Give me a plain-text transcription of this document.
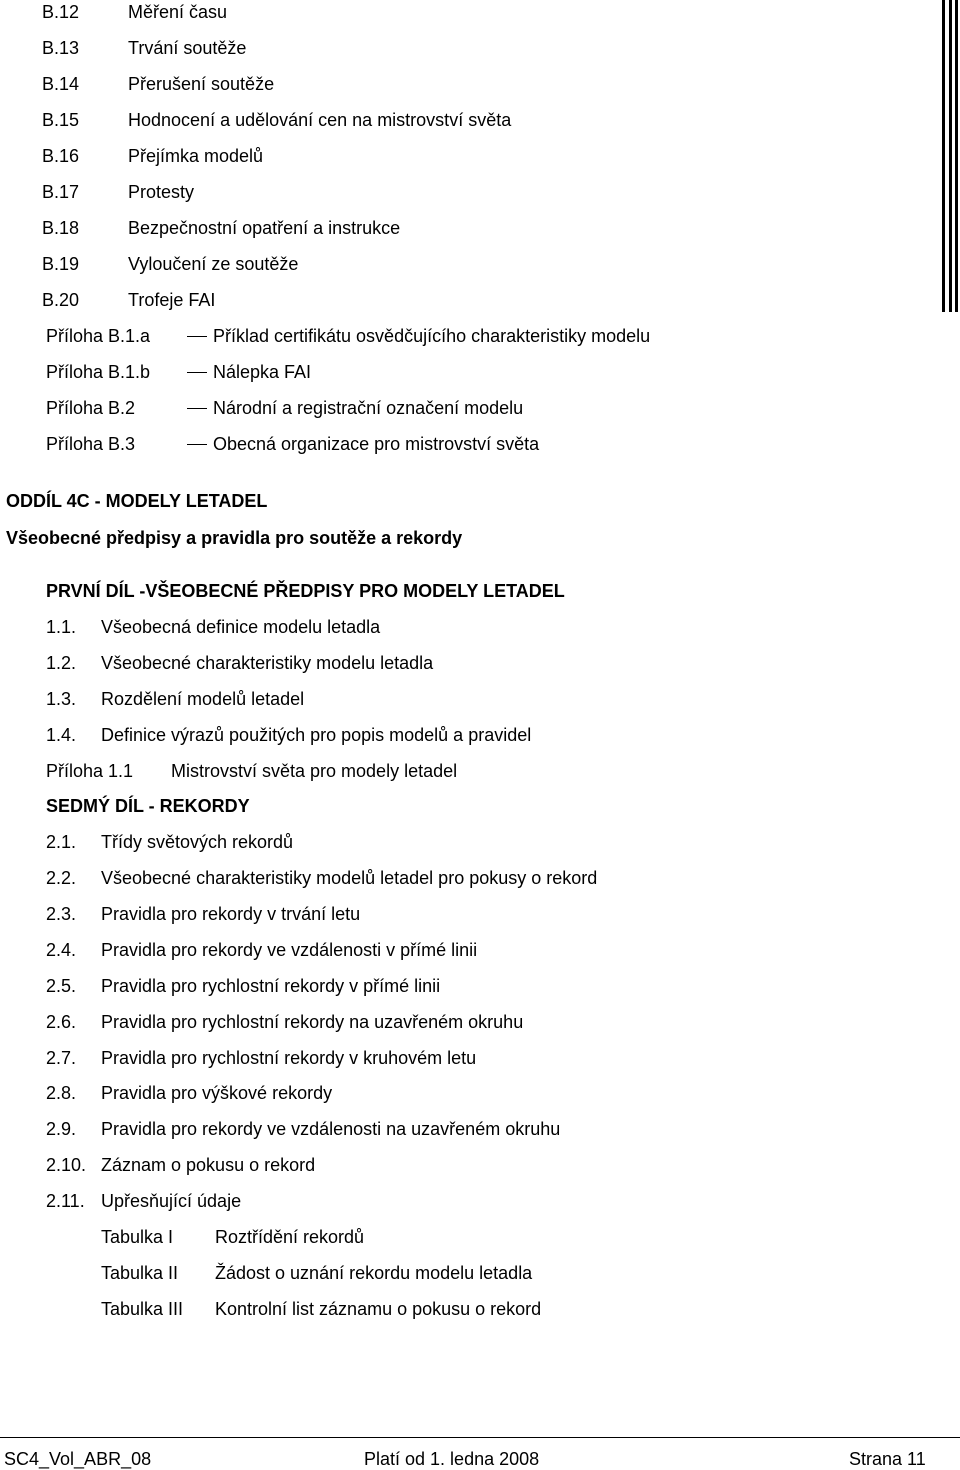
B.12	Měření času
B.13	Trvání soutěže
B.14	Přerušení soutěže
B.15	Hodnocení a udělování cen na mistrovství světa
B.16	Přejímka modelů
B.17	Protesty
B.18	Bezpečnostní opatření a instrukce
B.19	Vyloučení ze soutěže
B.20	Trofeje FAI
Příloha B.1.a	Příklad certifikátu osvědčujícího charakteristiky modelu
Příloha B.1.b	Nálepka FAI
Příloha B.2	Národní a registrační označení modelu
Příloha B.3	Obecná organizace pro mistrovství světa
ODDÍL 4C - MODELY LETADEL
Všeobecné předpisy a pravidla pro soutěže a rekordy
PRVNÍ DÍL -VŠEOBECNÉ PŘEDPISY PRO MODELY LETADEL
1.1. Všeobecná definice modelu letadla
1.2. Všeobecné charakteristiky modelu letadla
1.3. Rozdělení modelů letadel
1.4. Definice výrazů použitých pro popis modelů a pravidel
Příloha 1.1 Mistrovství světa pro modely letadel
SEDMÝ DÍL - REKORDY
2.1. Třídy světových rekordů
2.2. Všeobecné charakteristiky modelů letadel pro pokusy o rekord
2.3. Pravidla pro rekordy v trvání letu
2.4. Pravidla pro rekordy ve vzdálenosti v přímé linii
2.5. Pravidla pro rychlostní rekordy v přímé linii
2.6. Pravidla pro rychlostní rekordy na uzavřeném okruhu
2.7. Pravidla pro rychlostní rekordy v kruhovém letu
2.8. Pravidla pro výškové rekordy
2.9. Pravidla pro rekordy ve vzdálenosti na uzavřeném okruhu
2.10. Záznam o pokusu o rekord
2.11. Upřesňující údaje
Tabulka I Roztřídění rekordů
Tabulka II Žádost o uznání rekordu modelu letadla
Tabulka III Kontrolní list záznamu o pokusu o rekord
SC4_Vol_ABR_08	Platí od 1. ledna 2008	Strana 11
